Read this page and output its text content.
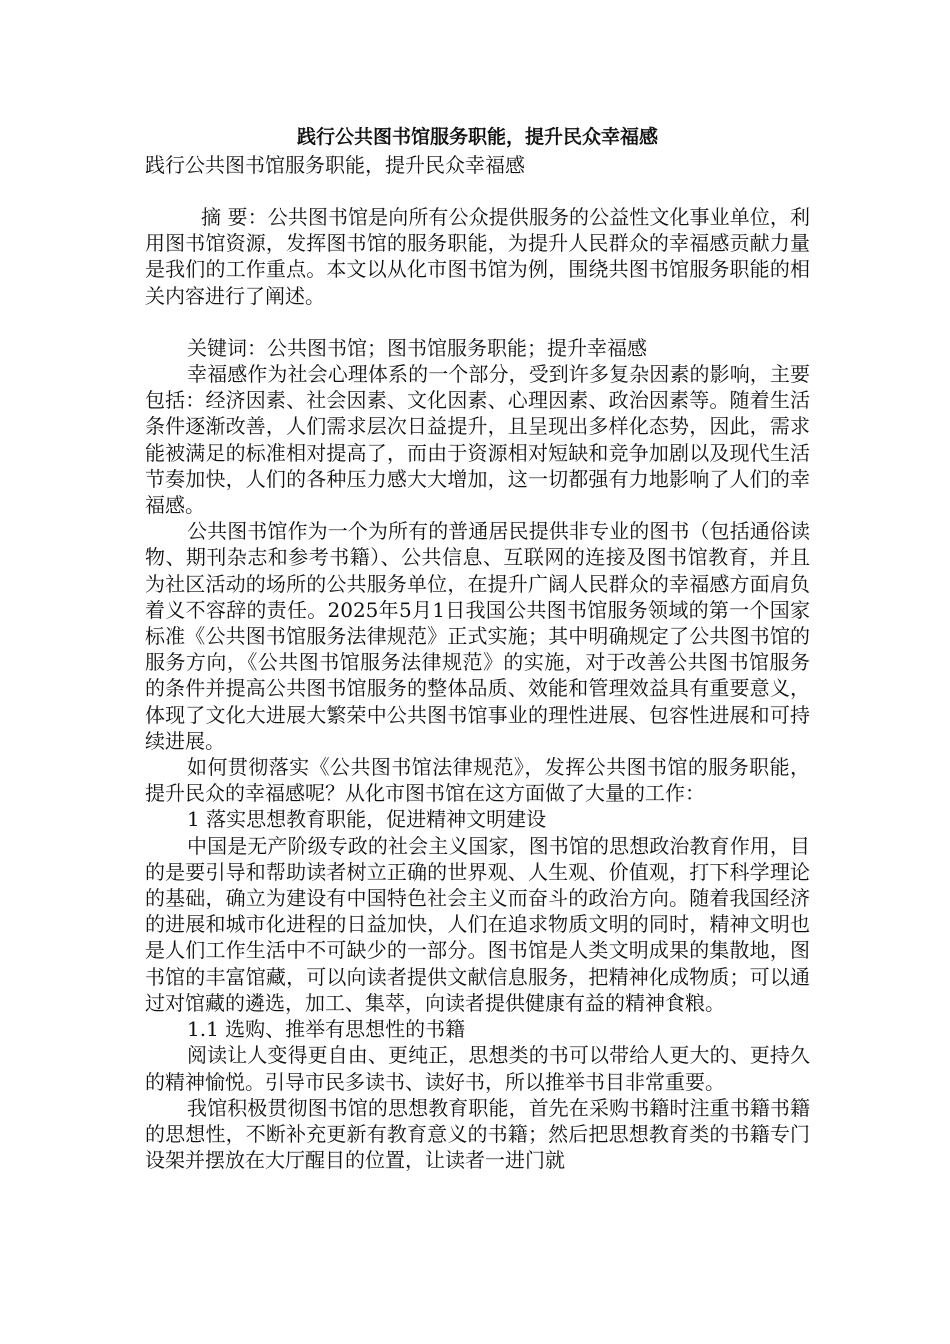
践行公共图书馆服务职能，提升民众幸福感

践行公共图书馆服务职能，提升民众幸福感

摘 要：公共图书馆是向所有公众提供服务的公益性文化事业单位，利用图书馆资源，发挥图书馆的服务职能，为提升人民群众的幸福感贡献力量是我们的工作重点。本文以从化市图书馆为例，围绕共图书馆服务职能的相关内容进行了阐述。

关键词：公共图书馆；图书馆服务职能；提升幸福感

幸福感作为社会心理体系的一个部分，受到许多复杂因素的影响，主要包括：经济因素、社会因素、文化因素、心理因素、政治因素等。随着生活条件逐渐改善，人们需求层次日益提升，且呈现出多样化态势，因此，需求能被满足的标准相对提高了，而由于资源相对短缺和竞争加剧以及现代生活节奏加快，人们的各种压力感大大增加，这一切都强有力地影响了人们的幸福感。

公共图书馆作为一个为所有的普通居民提供非专业的图书（包括通俗读物、期刊杂志和参考书籍）、公共信息、互联网的连接及图书馆教育，并且为社区活动的场所的公共服务单位，在提升广阔人民群众的幸福感方面肩负着义不容辞的责任。2025年5月1日我国公共图书馆服务领域的第一个国家标准《公共图书馆服务法律规范》正式实施；其中明确规定了公共图书馆的服务方向，《公共图书馆服务法律规范》的实施，对于改善公共图书馆服务的条件并提高公共图书馆服务的整体品质、效能和管理效益具有重要意义，体现了文化大进展大繁荣中公共图书馆事业的理性进展、包容性进展和可持续进展。

如何贯彻落实《公共图书馆法律规范》，发挥公共图书馆的服务职能，提升民众的幸福感呢？从化市图书馆在这方面做了大量的工作：

1 落实思想教育职能，促进精神文明建设

中国是无产阶级专政的社会主义国家，图书馆的思想政治教育作用，目的是要引导和帮助读者树立正确的世界观、人生观、价值观，打下科学理论的基础，确立为建设有中国特色社会主义而奋斗的政治方向。随着我国经济的进展和城市化进程的日益加快，人们在追求物质文明的同时，精神文明也是人们工作生活中不可缺少的一部分。图书馆是人类文明成果的集散地，图书馆的丰富馆藏，可以向读者提供文献信息服务，把精神化成物质；可以通过对馆藏的遴选，加工、集萃，向读者提供健康有益的精神食粮。

1.1 选购、推举有思想性的书籍

阅读让人变得更自由、更纯正，思想类的书可以带给人更大的、更持久的精神愉悦。引导市民多读书、读好书，所以推举书目非常重要。

我馆积极贯彻图书馆的思想教育职能，首先在采购书籍时注重书籍书籍的思想性，不断补充更新有教育意义的书籍；然后把思想教育类的书籍专门设架并摆放在大厅醒目的位置，让读者一进门就
